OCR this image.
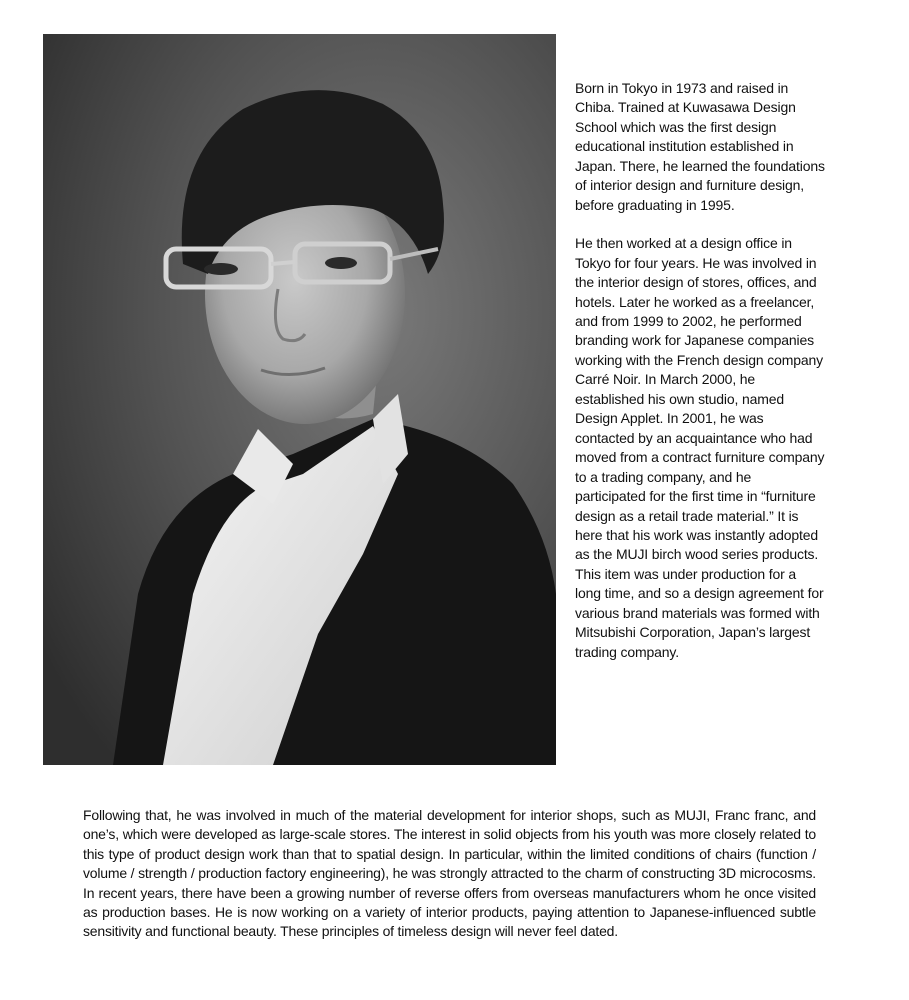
Born in Tokyo in 1973 and raised in Chiba. Trained at Kuwasawa Design School which was the first design educational institution established in Japan. There, he learned the foundations of interior design and furniture design, before graduating in 1995.

He then worked at a design office in Tokyo for four years. He was involved in the interior design of stores, offices, and hotels. Later he worked as a freelancer, and from 1999 to 2002, he performed branding work for Japanese companies working with the French design company Carré Noir. In March 2000, he established his own studio, named Design Applet. In 2001, he was contacted by an acquaintance who had moved from a contract furniture company to a trading company, and he participated for the first time in “furniture design as a retail trade material.” It is here that his work was instantly adopted as the MUJI birch wood series products. This item was under production for a long time, and so a design agreement for various brand materials was formed with Mitsubishi Corporation, Japan’s largest trading company.

Following that, he was involved in much of the material development for interior shops, such as MUJI, Franc franc, and one’s, which were developed as large-scale stores. The interest in solid objects from his youth was more closely related to this type of product design work than that to spatial design. In particular, within the limited conditions of chairs (function / volume / strength / production factory engineering), he was strongly attracted to the charm of constructing 3D microcosms. In recent years, there have been a growing number of reverse offers from overseas manufacturers whom he once visited as production bases. He is now working on a variety of interior products, paying attention to Japanese-influenced subtle sensitivity and functional beauty. These principles of timeless design will never feel dated.
